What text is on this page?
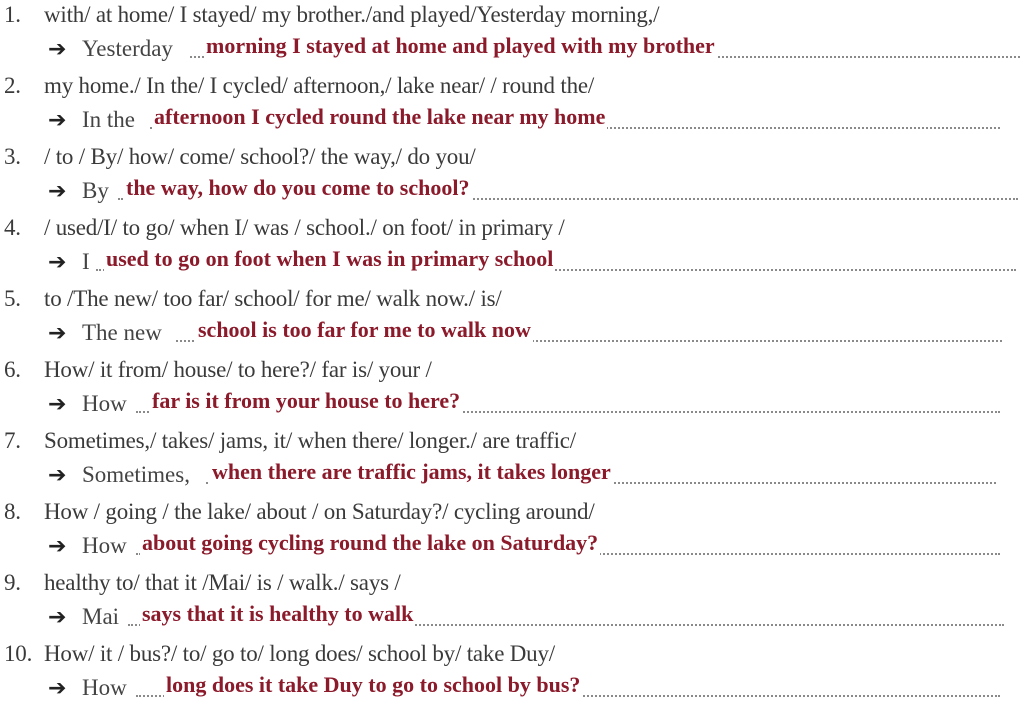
1. with/ at home/ I stayed/ my brother./and played/Yesterday morning,/
➔ Yesterday morning I stayed at home and played with my brother
2. my home./ In the/ I cycled/ afternoon,/ lake near/ / round the/
➔ In the afternoon I cycled round the lake near my home
3. / to / By/ how/ come/ school?/ the way,/ do you/
➔ By the way, how do you come to school?
4. / used/I/ to go/ when I/ was / school./ on foot/ in primary /
➔ I used to go on foot when I was in primary school
5. to /The new/ too far/ school/ for me/ walk now./ is/
➔ The new school is too far for me to walk now
6. How/ it from/ house/ to here?/ far is/ your /
➔ How far is it from your house to here?
7. Sometimes,/ takes/ jams, it/ when there/ longer./ are traffic/
➔ Sometimes, when there are traffic jams, it takes longer
8. How / going / the lake/ about / on Saturday?/ cycling around/
➔ How about going cycling round the lake on Saturday?
9. healthy to/ that it /Mai/ is / walk./ says /
➔ Mai says that it is healthy to walk
10. How/ it / bus?/ to/ go to/ long does/ school by/ take Duy/
➔ How long does it take Duy to go to school by bus?
